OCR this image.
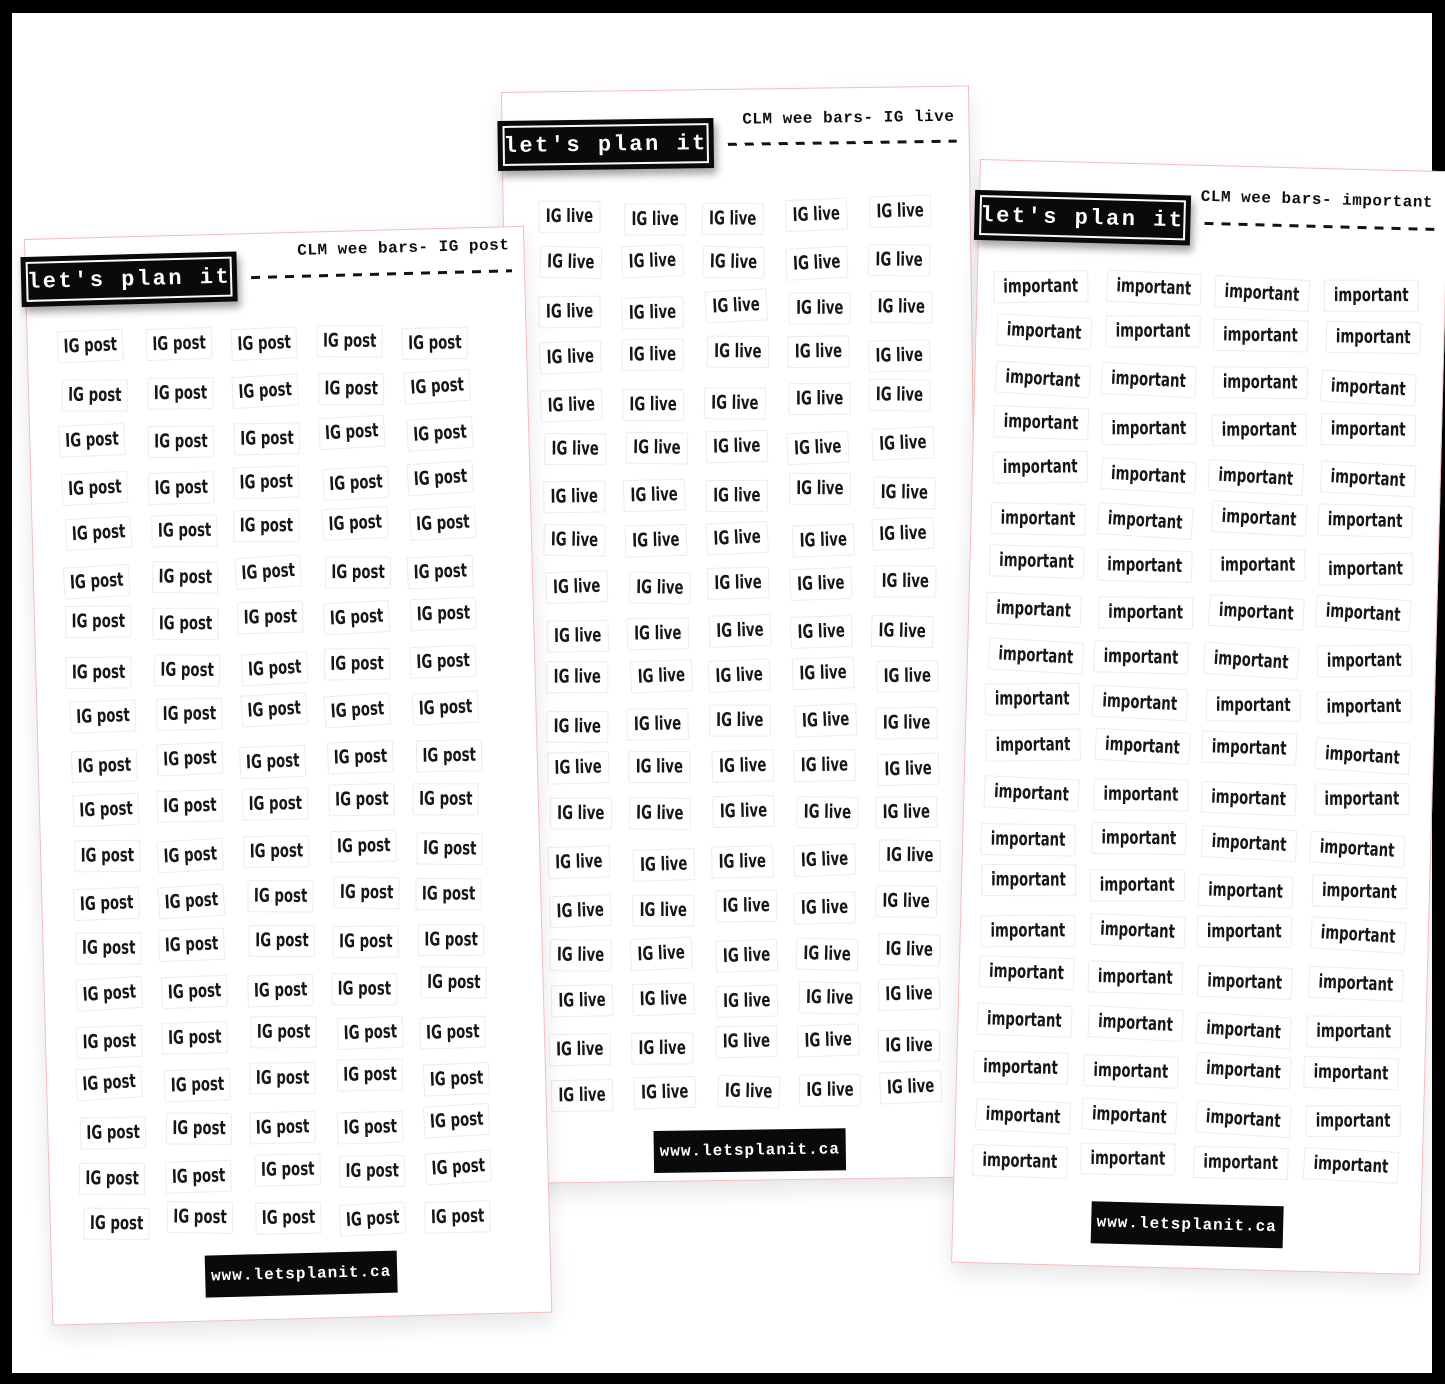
let's plan it
CLM wee bars- IG post
IG post IG post IG post IG post IG post
IG post IG post IG post IG post IG post
IG post	IG post IG post IG post IG post
IG post IG post IG post	IG post IG post
IG post IG post IG post IG post IG post
IG post IG post IG post	IG post IG post
IG post IG post IG post IG post IG post
IG post IG post IG post IG post IG post
IG post IG post IG post IG post IG post
IG post IG post IG post IG post IG post
IG post IG post IG post IG post IG post
IG post IG post IG post IG post IG post
IG post IG post	IG post IG post IG post
IG post IG post	IG post IG post IG post
IG post IG post IG post IG post	IG post
IG post IG post	IG post IG post IG post
IG post IG post IG post IG post IG post
IG post IG post IG post IG post IG post
IG post IG post	IG post IG post IG post
IG post IG post IG post IG post IG post
www.letsplanit.ca
let's plan it
CLM wee bars- IG live
IG live	IG live IG live	IG live	IG live
IG live IG live IG live	IG live IG live
IG live	IG live	IG live	IG live IG live
IG live IG live	IG live IG live IG live
IG live IG live IG live	IG live IG live
IG live IG live IG live IG live	IG live
IG live IG live	IG live	IG live	IG live
IG live IG live IG live	IG live IG live
IG live	IG live IG live IG live	IG live
IG live IG live IG live IG live IG live
IG live	IG live IG live	IG live	IG live
IG live IG live IG live	IG live IG live
IG live IG live	IG live IG live	IG live
IG live IG live	IG live	IG live IG live
IG live	IG live IG live IG live	IG live
IG live	IG live	IG live IG live IG live
IG live IG live	IG live IG live IG live
IG live IG live	IG live	IG live IG live
IG live IG live	IG live IG live IG live
IG live	IG live	IG live IG live IG live
www.letsplanit.ca
let's plan it
CLM wee bars- important
important	important important important
important important important	important
important important	important important
important important	important important
important important important	important
important important	important important
important important	important important
important	important	important important
important important important	important
important important	important	important
important important important	important
important important important	important
important	important important important
important important important	important
important important important	important
important important important	important
important	important important important
important	important	important important
important important	important important
important important	important important
www.letsplanit.ca
